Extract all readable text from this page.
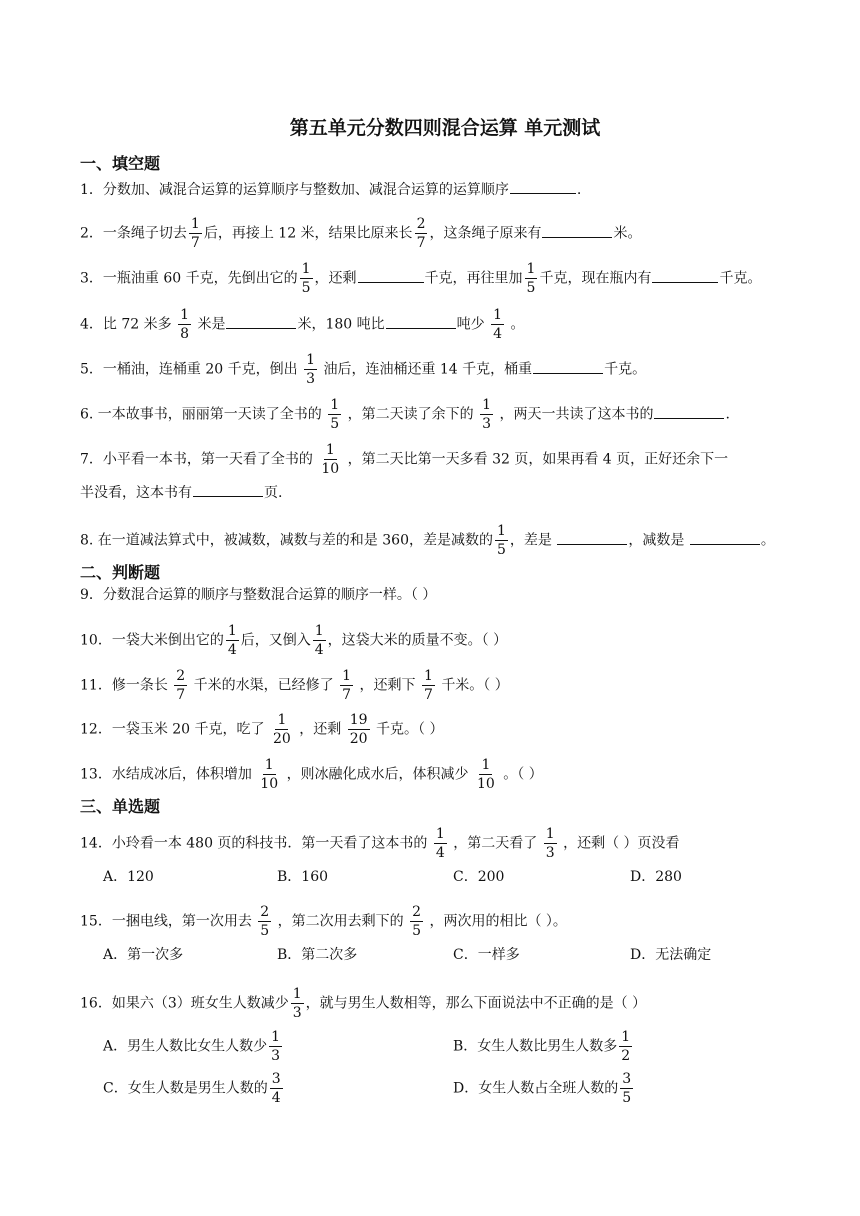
第五单元分数四则混合运算 单元测试
一、填空题
1．分数加、减混合运算的运算顺序与整数加、减混合运算的运算顺序	.
2．一条绳子切去 $\frac{1}{7}$ 后，再接上 12 米，结果比原来长 $\frac{2}{7}$ ，这条绳子原来有	米。
3．一瓶油重 60 千克，先倒出它的 $\frac{1}{5}$ ，还剩	千克，再往里加 $\frac{1}{5}$ 千克，现在瓶内有	千克。
4．比 72 米多 $\frac{1}{8}$ 米是	米，180 吨比	吨少 $\frac{1}{4}$ 。
5．一桶油，连桶重 20 千克，倒出 $\frac{1}{3}$ 油后，连油桶还重 14 千克，桶重	千克。
6. 一本故事书，丽丽第一天读了全书的 $\frac{1}{5}$ ，第二天读了余下的 $\frac{1}{3}$ ，两天一共读了这本书的	.
7．小平看一本书，第一天看了全书的 $\frac{1}{10}$ ，第二天比第一天多看 32 页，如果再看 4 页，正好还余下一
半没看，这本书有	页.
8. 在一道减法算式中，被减数，减数与差的和是 360，差是减数的 $\frac{1}{5}$ ，差是	，减数是	。
二、判断题
9．分数混合运算的顺序与整数混合运算的顺序一样。（ ）
10．一袋大米倒出它的 $\frac{1}{4}$ 后，又倒入 $\frac{1}{4}$ ，这袋大米的质量不变。（ ）
11．修一条长 $\frac{2}{7}$ 千米的水渠，已经修了 $\frac{1}{7}$ ，还剩下 $\frac{1}{7}$ 千米。（ ）
12．一袋玉米 20 千克，吃了 $\frac{1}{20}$ ，还剩 $\frac{19}{20}$ 千克。（ ）
13．水结成冰后，体积增加 $\frac{1}{10}$ ，则冰融化成水后，体积减少 $\frac{1}{10}$ 。（ ）
三、单选题
14．小玲看一本 480 页的科技书．第一天看了这本书的 $\frac{1}{4}$ ，第二天看了 $\frac{1}{3}$ ，还剩（ ）页没看
A．120	B．160	C．200	D．280
15．一捆电线，第一次用去 $\frac{2}{5}$ ，第二次用去剩下的 $\frac{2}{5}$ ，两次用的相比（ ）。
A．第一次多	B．第二次多	C．一样多	D．无法确定
16．如果六（3）班女生人数减少 $\frac{1}{3}$ ，就与男生人数相等，那么下面说法中不正确的是（ ）
A．男生人数比女生人数少 $\frac{1}{3}$	B．女生人数比男生人数多 $\frac{1}{2}$
C．女生人数是男生人数的 $\frac{3}{4}$	D．女生人数占全班人数的 $\frac{3}{5}$
